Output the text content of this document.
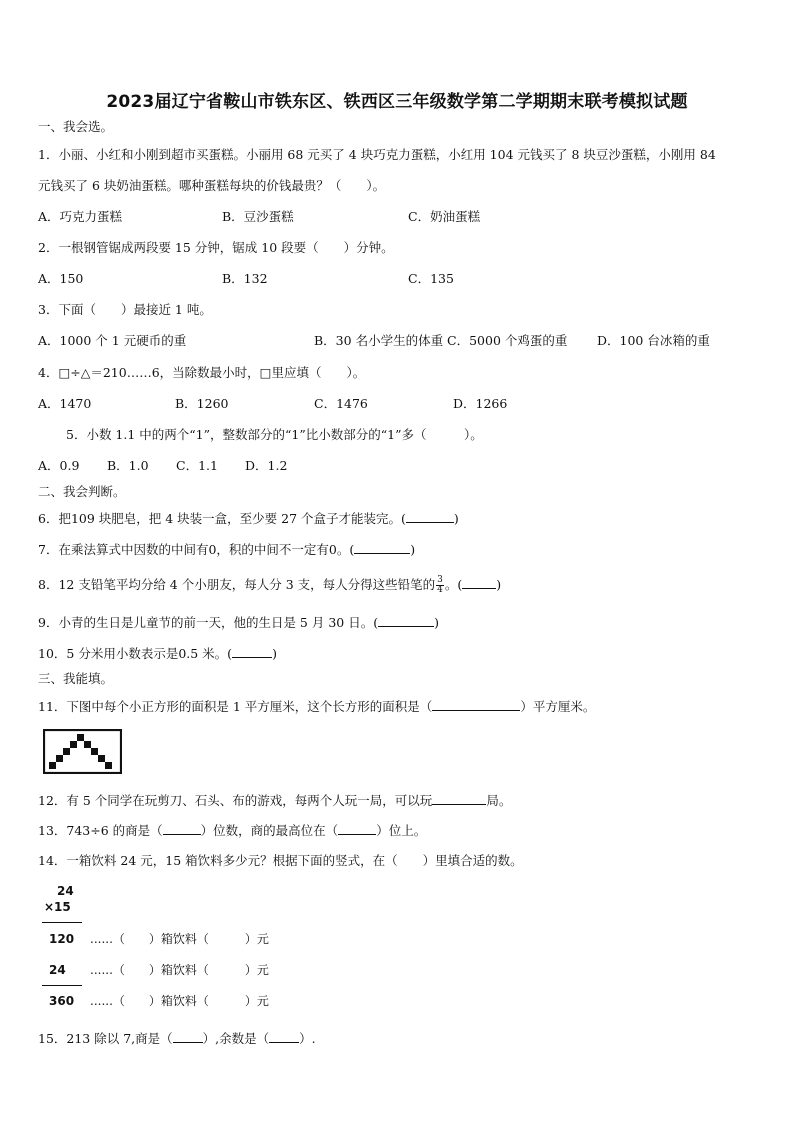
2023届辽宁省鞍山市铁东区、铁西区三年级数学第二学期期末联考模拟试题
一、我会选。
1．小丽、小红和小刚到超市买蛋糕。小丽用 68 元买了 4 块巧克力蛋糕，小红用 104 元钱买了 8 块豆沙蛋糕，小刚用 84
元钱买了 6 块奶油蛋糕。哪种蛋糕每块的价钱最贵？（　　）。
A．巧克力蛋糕	B．豆沙蛋糕	C．奶油蛋糕
2．一根钢管锯成两段要 15 分钟，锯成 10 段要（　　）分钟。
A．150	B．132	C．135
3．下面（　　）最接近 1 吨。
A．1000 个 1 元硬币的重	B．30 名小学生的体重 C．5000 个鸡蛋的重 D．100 台冰箱的重
4．□÷△＝210……6，当除数最小时，□里应填（　　）。
A．1470	B．1260	C．1476	D．1266
5．小数 1.1 中的两个“1”，整数部分的“1”比小数部分的“1”多（　　　）。
A．0.9 B．1.0 C．1.1 D．1.2
二、我会判断。
6．把109 块肥皂，把 4 块装一盒，至少要 27 个盒子才能装完。(	)
7．在乘法算式中因数的中间有0，积的中间不一定有0。(	)
8．12 支铅笔平均分给 4 个小朋友，每人分 3 支，每人分得这些铅笔的 $\frac{3}{4}$ 。(	)
9．小青的生日是儿童节的前一天，他的生日是 5 月 30 日。(	)
10．5 分米用小数表示是0.5 米。(	)
三、我能填。
11．下图中每个小正方形的面积是 1 平方厘米，这个长方形的面积是（	）平方厘米。
12．有 5 个同学在玩剪刀、石头、布的游戏，每两个人玩一局，可以玩	局。
13．743÷6 的商是（	）位数，商的最高位在（	）位上。
14．一箱饮料 24 元，15 箱饮料多少元？根据下面的竖式，在（　　）里填合适的数。
24
×15
120 ......（　　）箱饮料（　　　）元
24 ......（　　）箱饮料（　　　）元
360 ......（　　）箱饮料（　　　）元
15．213 除以 7,商是（ ）,余数是（ ）.
